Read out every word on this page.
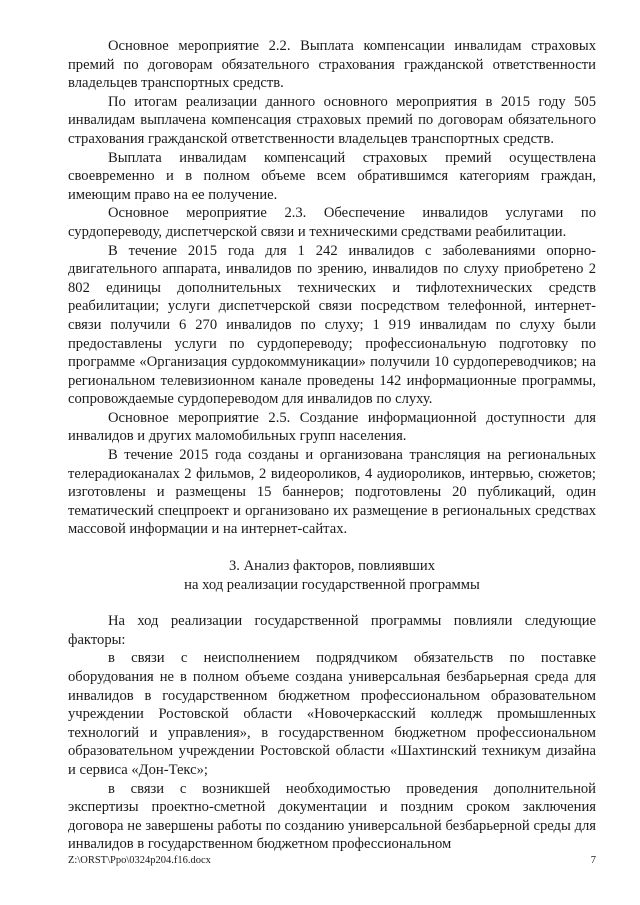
Основное мероприятие 2.2. Выплата компенсации инвалидам страховых премий по договорам обязательного страхования гражданской ответственности владельцев транспортных средств.

По итогам реализации данного основного мероприятия в 2015 году 505 инвалидам выплачена компенсация страховых премий по договорам обязательного страхования гражданской ответственности владельцев транспортных средств.

Выплата инвалидам компенсаций страховых премий осуществлена своевременно и в полном объеме всем обратившимся категориям граждан, имеющим право на ее получение.

Основное мероприятие 2.3. Обеспечение инвалидов услугами по сурдопереводу, диспетчерской связи и техническими средствами реабилитации.

В течение 2015 года для 1 242 инвалидов с заболеваниями опорно-двигательного аппарата, инвалидов по зрению, инвалидов по слуху приобретено 2 802 единицы дополнительных технических и тифлотехнических средств реабилитации; услуги диспетчерской связи посредством телефонной, интернет-связи получили 6 270 инвалидов по слуху; 1 919 инвалидам по слуху были предоставлены услуги по сурдопереводу; профессиональную подготовку по программе «Организация сурдокоммуникации» получили 10 сурдопереводчиков; на региональном телевизионном канале проведены 142 информационные программы, сопровождаемые сурдопереводом для инвалидов по слуху.

Основное мероприятие 2.5. Создание информационной доступности для инвалидов и других маломобильных групп населения.

В течение 2015 года созданы и организована трансляция на региональных телерадиоканалах 2 фильмов, 2 видеороликов, 4 аудиороликов, интервью, сюжетов; изготовлены и размещены 15 баннеров; подготовлены 20 публикаций, один тематический спецпроект и организовано их размещение в региональных средствах массовой информации и на интернет-сайтах.

3. Анализ факторов, повлиявших
на ход реализации государственной программы

На ход реализации государственной программы повлияли следующие факторы:

в связи с неисполнением подрядчиком обязательств по поставке оборудования не в полном объеме создана универсальная безбарьерная среда для инвалидов в государственном бюджетном профессиональном образовательном учреждении Ростовской области «Новочеркасский колледж промышленных технологий и управления», в государственном бюджетном профессиональном образовательном учреждении Ростовской области «Шахтинский техникум дизайна и сервиса «Дон-Текс»;

в связи с возникшей необходимостью проведения дополнительной экспертизы проектно-сметной документации и поздним сроком заключения договора не завершены работы по созданию универсальной безбарьерной среды для инвалидов в государственном бюджетном профессиональном

Z:\ORST\Ppo\0324p204.f16.docx	7
